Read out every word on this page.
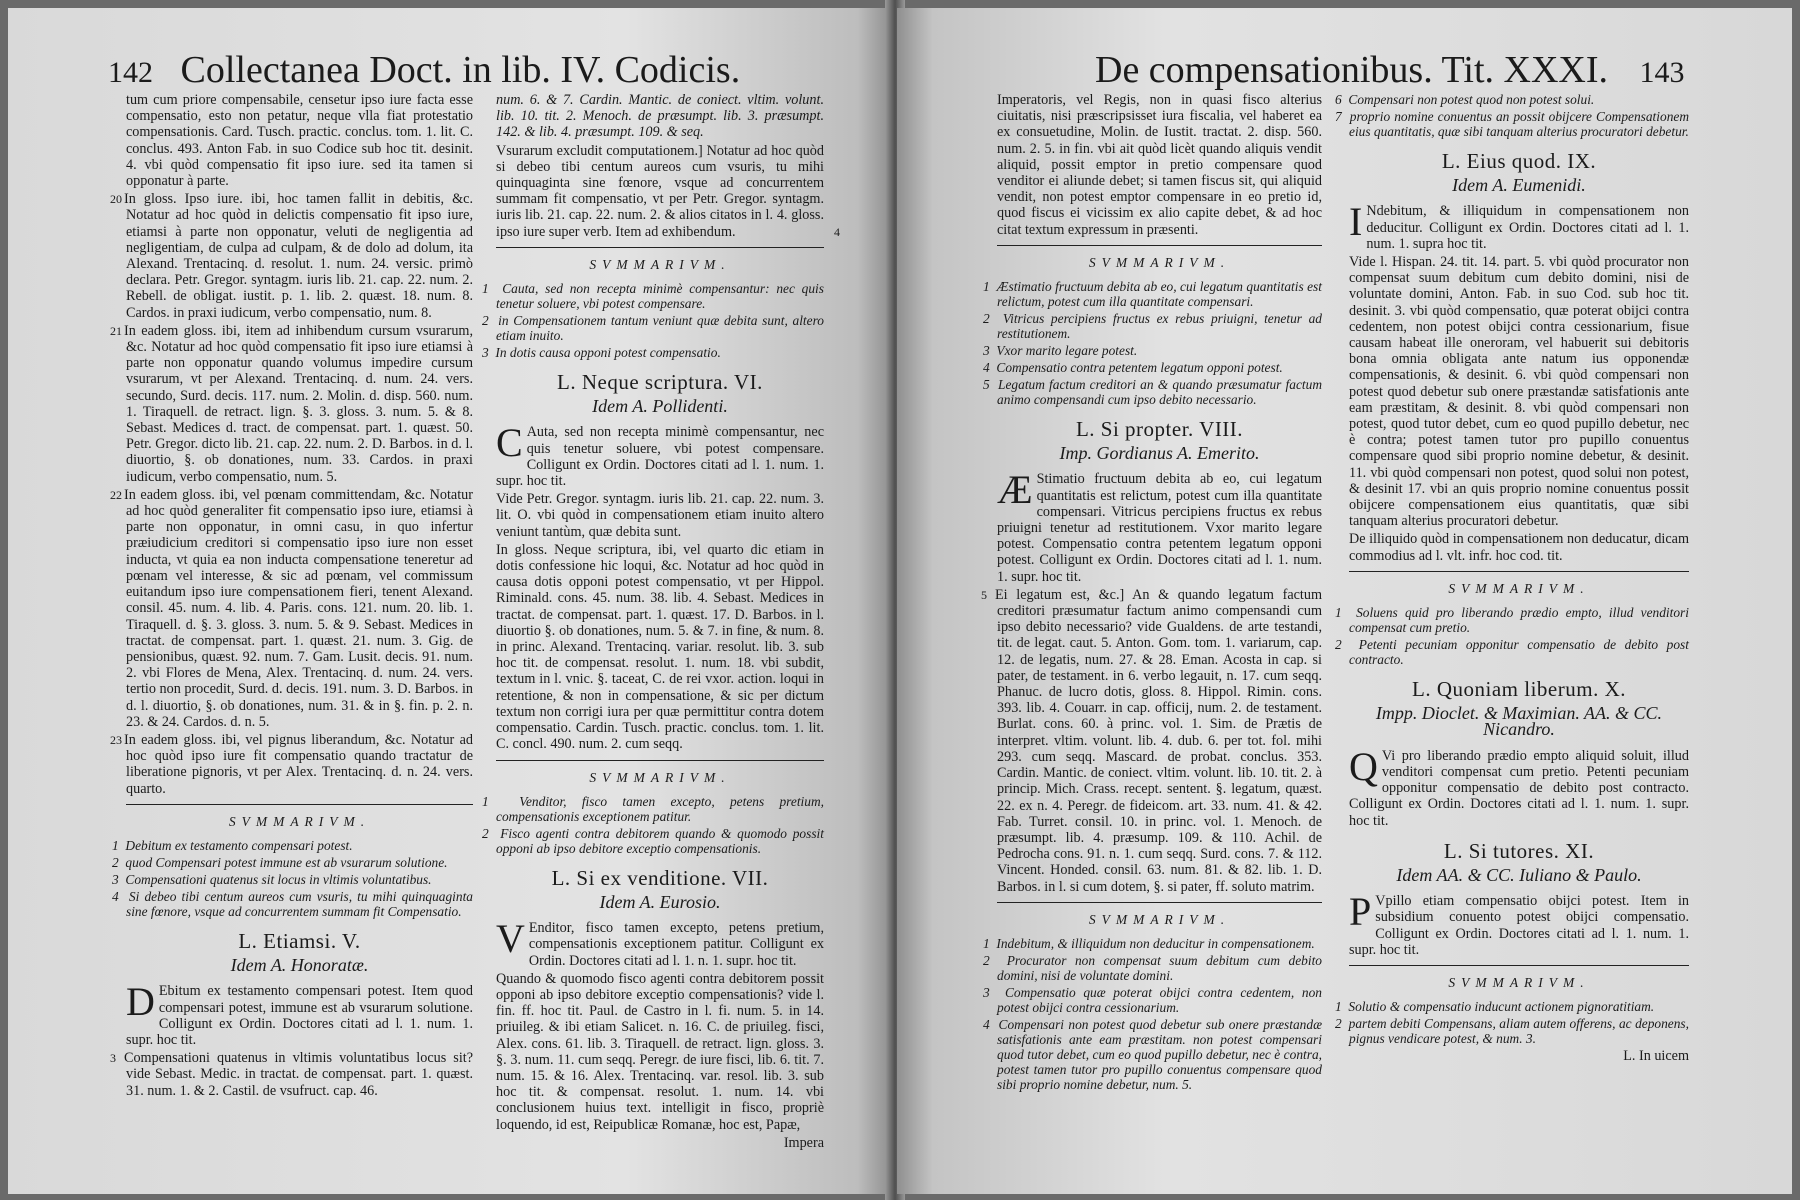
142 Collectanea Doct. in lib. IV. Codicis.

tum cum priore compensabile, censetur ipso iure facta esse compensatio, esto non petatur, neque vlla fiat protestatio compensationis. Card. Tusch. practic. conclus. tom. 1. lit. C. conclus. 493. Anton Fab. in suo Codice sub hoc tit. desinit. 4. vbi quòd compensatio fit ipso iure. sed ita tamen si opponatur à parte.

20 In gloss. Ipso iure. ibi, hoc tamen fallit in debitis, &c. Notatur ad hoc quòd in delictis compensatio fit ipso iure, etiamsi à parte non opponatur, veluti de negligentia ad negligentiam, de culpa ad culpam, & de dolo ad dolum, ita Alexand. Trentacinq. d. resolut. 1. num. 24. versic. primò declara. Petr. Gregor. syntagm. iuris lib. 21. cap. 22. num. 2. Rebell. de obligat. iustit. p. 1. lib. 2. quæst. 18. num. 8. Cardos. in praxi iudicum, verbo compensatio, num. 8.

21 In eadem gloss. ibi, item ad inhibendum cursum vsurarum, &c. Notatur ad hoc quòd compensatio fit ipso iure etiamsi à parte non opponatur quando volumus impedire cursum vsurarum, vt per Alexand. Trentacinq. d. num. 24. vers. secundo, Surd. decis. 117. num. 2. Molin. d. disp. 560. num. 1. Tiraquell. de retract. lign. §. 3. gloss. 3. num. 5. & 8. Sebast. Medices d. tract. de compensat. part. 1. quæst. 50. Petr. Gregor. dicto lib. 21. cap. 22. num. 2. D. Barbos. in d. l. diuortio, §. ob donationes, num. 33. Cardos. in praxi iudicum, verbo compensatio, num. 5.

22 In eadem gloss. ibi, vel pœnam committendam, &c. Notatur ad hoc quòd generaliter fit compensatio ipso iure, etiamsi à parte non opponatur, in omni casu, in quo infertur præiudicium creditori si compensatio ipso iure non esset inducta, vt quia ea non inducta compensatione teneretur ad pœnam vel interesse, & sic ad pœnam, vel commissum euitandum ipso iure compensationem fieri, tenent Alexand. consil. 45. num. 4. lib. 4. Paris. cons. 121. num. 20. lib. 1. Tiraquell. d. §. 3. gloss. 3. num. 5. & 9. Sebast. Medices in tractat. de compensat. part. 1. quæst. 21. num. 3. Gig. de pensionibus, quæst. 92. num. 7. Gam. Lusit. decis. 91. num. 2. vbi Flores de Mena, Alex. Trentacinq. d. num. 24. vers. tertio non procedit, Surd. d. decis. 191. num. 3. D. Barbos. in d. l. diuortio, §. ob donationes, num. 31. & in §. fin. p. 2. n. 23. & 24. Cardos. d. n. 5.

23 In eadem gloss. ibi, vel pignus liberandum, &c. Notatur ad hoc quòd ipso iure fit compensatio quando tractatur de liberatione pignoris, vt per Alex. Trentacinq. d. n. 24. vers. quarto.

SVMMARIVM.

1 Debitum ex testamento compensari potest.

2 quod Compensari potest immune est ab vsurarum solutione.

3 Compensationi quatenus sit locus in vltimis voluntatibus.

4 Si debeo tibi centum aureos cum vsuris, tu mihi quinquaginta sine fœnore, vsque ad concurrentem summam fit Compensatio.

L. Etiamsi. V.
Idem A. Honoratæ.

D Ebitum ex testamento compensari potest. Item quod compensari potest, immune est ab vsurarum solutione. Colligunt ex Ordin. Doctores citati ad l. 1. num. 1. supr. hoc tit.

3 Compensationi quatenus in vltimis voluntatibus locus sit? vide Sebast. Medic. in tractat. de compensat. part. 1. quæst. 31. num. 1. & 2. Castil. de vsufruct. cap. 46.

num. 6. & 7. Cardin. Mantic. de coniect. vltim. volunt. lib. 10. tit. 2. Menoch. de præsumpt. lib. 3. præsumpt. 142. & lib. 4. præsumpt. 109. & seq.

Vsurarum excludit computationem.] Notatur ad hoc quòd si debeo tibi centum aureos cum vsuris, tu mihi quinquaginta sine fœnore, vsque ad concurrentem summam fit compensatio, vt per Petr. Gregor. syntagm. iuris lib. 21. cap. 22. num. 2. & alios citatos in l. 4. gloss. ipso iure super verb. Item ad exhibendum.	4

SVMMARIVM.

1 Cauta, sed non recepta minimè compensantur: nec quis tenetur soluere, vbi potest compensare.

2 in Compensationem tantum veniunt quæ debita sunt, altero etiam inuito.

3 In dotis causa opponi potest compensatio.

L. Neque scriptura. VI.
Idem A. Pollidenti.

C Auta, sed non recepta minimè compensantur, nec quis tenetur soluere, vbi potest compensare. Colligunt ex Ordin. Doctores citati ad l. 1. num. 1. supr. hoc tit.

Vide Petr. Gregor. syntagm. iuris lib. 21. cap. 22. num. 3. lit. O. vbi quòd in compensationem etiam inuito altero veniunt tantùm, quæ debita sunt.

In gloss. Neque scriptura, ibi, vel quarto dic etiam in dotis confessione hic loqui, &c. Notatur ad hoc quòd in causa dotis opponi potest compensatio, vt per Hippol. Riminald. cons. 45. num. 38. lib. 4. Sebast. Medices in tractat. de compensat. part. 1. quæst. 17. D. Barbos. in l. diuortio §. ob donationes, num. 5. & 7. in fine, & num. 8. in princ. Alexand. Trentacinq. variar. resolut. lib. 3. sub hoc tit. de compensat. resolut. 1. num. 18. vbi subdit, textum in l. vnic. §. taceat, C. de rei vxor. action. loqui in retentione, & non in compensatione, & sic per dictum textum non corrigi iura per quæ permittitur contra dotem compensatio. Cardin. Tusch. practic. conclus. tom. 1. lit. C. concl. 490. num. 2. cum seqq.

SVMMARIVM.

1 Venditor, fisco tamen excepto, petens pretium, compensationis exceptionem patitur.

2 Fisco agenti contra debitorem quando & quomodo possit opponi ab ipso debitore exceptio compensationis.

L. Si ex venditione. VII.
Idem A. Eurosio.

V Enditor, fisco tamen excepto, petens pretium, compensationis exceptionem patitur. Colligunt ex Ordin. Doctores citati ad l. 1. n. 1. supr. hoc tit.

Quando & quomodo fisco agenti contra debitorem possit opponi ab ipso debitore exceptio compensationis? vide l. fin. ff. hoc tit. Paul. de Castro in l. fi. num. 5. in 14. priuileg. & ibi etiam Salicet. n. 16. C. de priuileg. fisci, Alex. cons. 61. lib. 3. Tiraquell. de retract. lign. gloss. 3. §. 3. num. 11. cum seqq. Peregr. de iure fisci, lib. 6. tit. 7. num. 15. & 16. Alex. Trentacinq. var. resol. lib. 3. sub hoc tit. & compensat. resolut. 1. num. 14. vbi conclusionem huius text. intelligit in fisco, propriè loquendo, id est, Reipublicæ Romanæ, hoc est, Papæ,

Impera

De compensationibus. Tit. XXXI. 143

Imperatoris, vel Regis, non in quasi fisco alterius ciuitatis, nisi præscripsisset iura fiscalia, vel haberet ea ex consuetudine, Molin. de Iustit. tractat. 2. disp. 560. num. 2. 5. in fin. vbi ait quòd licèt quando aliquis vendit aliquid, possit emptor in pretio compensare quod venditor ei aliunde debet; si tamen fiscus sit, qui aliquid vendit, non potest emptor compensare in eo pretio id, quod fiscus ei vicissim ex alio capite debet, & ad hoc citat textum expressum in præsenti.

SVMMARIVM.

1 Æstimatio fructuum debita ab eo, cui legatum quantitatis est relictum, potest cum illa quantitate compensari.

2 Vitricus percipiens fructus ex rebus priuigni, tenetur ad restitutionem.

3 Vxor marito legare potest.

4 Compensatio contra petentem legatum opponi potest.

5 Legatum factum creditori an & quando præsumatur factum animo compensandi cum ipso debito necessario.

L. Si propter. VIII.
Imp. Gordianus A. Emerito.

Æ Stimatio fructuum debita ab eo, cui legatum quantitatis est relictum, potest cum illa quantitate compensari. Vitricus percipiens fructus ex rebus priuigni tenetur ad restitutionem. Vxor marito legare potest. Compensatio contra petentem legatum opponi potest. Colligunt ex Ordin. Doctores citati ad l. 1. num. 1. supr. hoc tit.

5 Ei legatum est, &c.] An & quando legatum factum creditori præsumatur factum animo compensandi cum ipso debito necessario? vide Gualdens. de arte testandi, tit. de legat. caut. 5. Anton. Gom. tom. 1. variarum, cap. 12. de legatis, num. 27. & 28. Eman. Acosta in cap. si pater, de testament. in 6. verbo legauit, n. 17. cum seqq. Phanuc. de lucro dotis, gloss. 8. Hippol. Rimin. cons. 393. lib. 4. Couarr. in cap. officij, num. 2. de testament. Burlat. cons. 60. à princ. vol. 1. Sim. de Prætis de interpret. vltim. volunt. lib. 4. dub. 6. per tot. fol. mihi 293. cum seqq. Mascard. de probat. conclus. 353. Cardin. Mantic. de coniect. vltim. volunt. lib. 10. tit. 2. à princip. Mich. Crass. recept. sentent. §. legatum, quæst. 22. ex n. 4. Peregr. de fideicom. art. 33. num. 41. & 42. Fab. Turret. consil. 10. in princ. vol. 1. Menoch. de præsumpt. lib. 4. præsump. 109. & 110. Achil. de Pedrocha cons. 91. n. 1. cum seqq. Surd. cons. 7. & 112. Vincent. Honded. consil. 63. num. 81. & 82. lib. 1. D. Barbos. in l. si cum dotem, §. si pater, ff. soluto matrim.

SVMMARIVM.

1 Indebitum, & illiquidum non deducitur in compensationem.

2 Procurator non compensat suum debitum cum debito domini, nisi de voluntate domini.

3 Compensatio quæ poterat obijci contra cedentem, non potest obijci contra cessionarium.

4 Compensari non potest quod debetur sub onere præstandæ satisfationis ante eam præstitam. non potest compensari quod tutor debet, cum eo quod pupillo debetur, nec è contra, potest tamen tutor pro pupillo conuentus compensare quod sibi proprio nomine debetur, num. 5.

6 Compensari non potest quod non potest solui.

7 proprio nomine conuentus an possit obijcere Compensationem eius quantitatis, quæ sibi tanquam alterius procuratori debetur.

L. Eius quod. IX.
Idem A. Eumenidi.

I Ndebitum, & illiquidum in compensationem non deducitur. Colligunt ex Ordin. Doctores citati ad l. 1. num. 1. supra hoc tit.

Vide l. Hispan. 24. tit. 14. part. 5. vbi quòd procurator non compensat suum debitum cum debito domini, nisi de voluntate domini, Anton. Fab. in suo Cod. sub hoc tit. desinit. 3. vbi quòd compensatio, quæ poterat obijci contra cedentem, non potest obijci contra cessionarium, fisue causam habeat ille oneroram, vel habuerit sui debitoris bona omnia obligata ante natum ius opponendæ compensationis, & desinit. 6. vbi quòd compensari non potest quod debetur sub onere præstandæ satisfationis ante eam præstitam, & desinit. 8. vbi quòd compensari non potest, quod tutor debet, cum eo quod pupillo debetur, nec è contra; potest tamen tutor pro pupillo conuentus compensare quod sibi proprio nomine debetur, & desinit. 11. vbi quòd compensari non potest, quod solui non potest, & desinit 17. vbi an quis proprio nomine conuentus possit obijcere compensationem eius quantitatis, quæ sibi tanquam alterius procuratori debetur.

De illiquido quòd in compensationem non deducatur, dicam commodius ad l. vlt. infr. hoc cod. tit.

SVMMARIVM.

1 Soluens quid pro liberando prædio empto, illud venditori compensat cum pretio.

2 Petenti pecuniam opponitur compensatio de debito post contracto.

L. Quoniam liberum. X.
Impp. Dioclet. & Maximian. AA. & CC. Nicandro.

Q Vi pro liberando prædio empto aliquid soluit, illud venditori compensat cum pretio. Petenti pecuniam opponitur compensatio de debito post contracto. Colligunt ex Ordin. Doctores citati ad l. 1. num. 1. supr. hoc tit.

L. Si tutores. XI.
Idem AA. & CC. Iuliano & Paulo.

P Vpillo etiam compensatio obijci potest. Item in subsidium conuento potest obijci compensatio. Colligunt ex Ordin. Doctores citati ad l. 1. num. 1. supr. hoc tit.

SVMMARIVM.

1 Solutio & compensatio inducunt actionem pignoratitiam.

2 partem debiti Compensans, aliam autem offerens, ac deponens, pignus vendicare potest, & num. 3.

L. In uicem
